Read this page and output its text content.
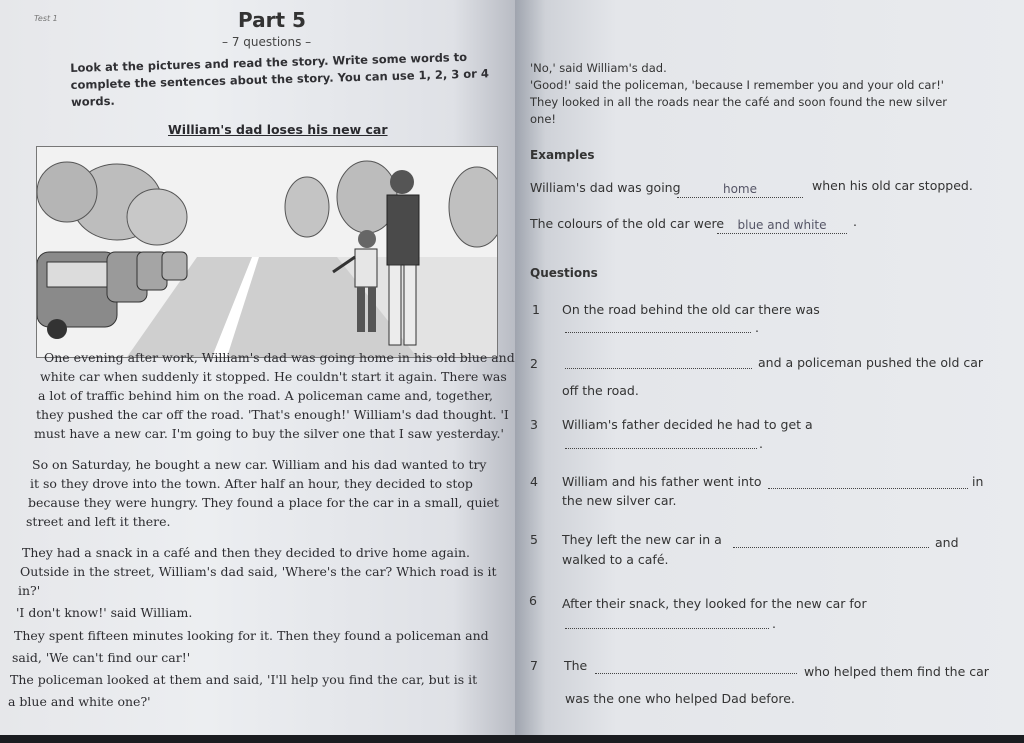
Test 1	Part 5
– 7 questions –
Look at the pictures and read the story. Write some words to complete the sentences about the story. You can use 1, 2, 3 or 4 words.
William's dad loses his new car
One evening after work, William's dad was going home in his old blue and
white car when suddenly it stopped. He couldn't start it again. There was
a lot of traffic behind him on the road. A policeman came and, together,
they pushed the car off the road. 'That's enough!' William's dad thought. 'I
must have a new car. I'm going to buy the silver one that I saw yesterday.'
So on Saturday, he bought a new car. William and his dad wanted to try
it so they drove into the town. After half an hour, they decided to stop
because they were hungry. They found a place for the car in a small, quiet
street and left it there.
They had a snack in a café and then they decided to drive home again.
Outside in the street, William's dad said, 'Where's the car? Which road is it
in?'
'I don't know!' said William.
They spent fifteen minutes looking for it. Then they found a policeman and
said, 'We can't find our car!'
The policeman looked at them and said, 'I'll help you find the car, but is it
a blue and white one?'
'No,' said William's dad.
'Good!' said the policeman, 'because I remember you and your old car!'
They looked in all the roads near the café and soon found the new silver
one!
Examples
William's dad was going	home	when his old car stopped.
The colours of the old car were	blue and white	.
Questions
1 On the road behind the old car there was
.
2	and a policeman pushed the old car
off the road.
3 William's father decided he had to get a
.
4 William and his father went into	in
the new silver car.
5 They left the new car in a	and
walked to a café.
6 After their snack, they looked for the new car for
.
7 The	who helped them find the car
was the one who helped Dad before.
